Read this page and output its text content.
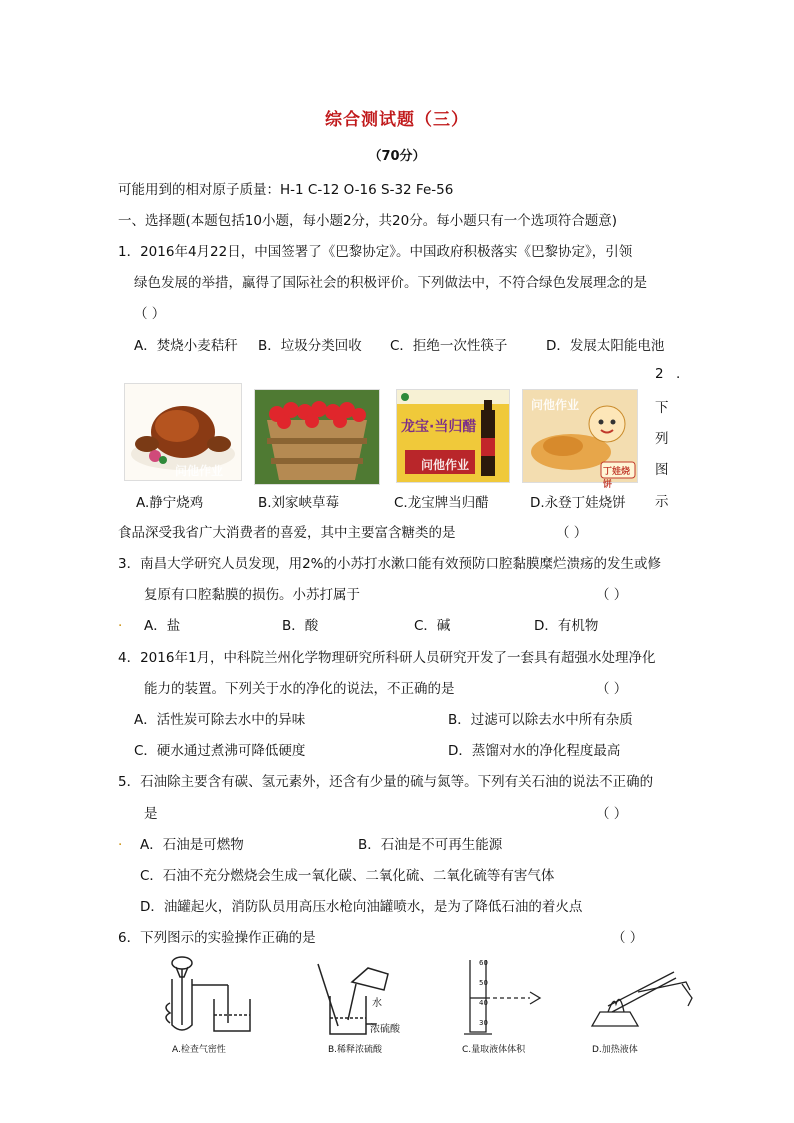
综合测试题（三）
（70分）
可能用到的相对原子质量：H-1 C-12 O-16 S-32 Fe-56
一、选择题(本题包括10小题，每小题2分，共20分。每小题只有一个选项符合题意)
1．2016年4月22日，中国签署了《巴黎协定》。中国政府积极落实《巴黎协定》，引领
绿色发展的举措，赢得了国际社会的积极评价。下列做法中，不符合绿色发展理念的是
（ ）
A．焚烧小麦秸秆 B．垃圾分类回收 C．拒绝一次性筷子	D．发展太阳能电池
问他作业
龙宝·当归醋
问他作业
问他作业
丁娃烧饼
2 .
下
列
图
示
A.静宁烧鸡	B.刘家峡草莓	C.龙宝牌当归醋	D.永登丁娃烧饼
食品深受我省广大消费者的喜爱，其中主要富含糖类的是	（ ）
3．南昌大学研究人员发现，用2%的小苏打水漱口能有效预防口腔黏膜糜烂溃疡的发生或修
复原有口腔黏膜的损伤。小苏打属于	（ ）
. A．盐	B．酸	C．碱	D．有机物
4．2016年1月，中科院兰州化学物理研究所科研人员研究开发了一套具有超强水处理净化
能力的装置。下列关于水的净化的说法，不正确的是	（ ）
A．活性炭可除去水中的异味	B．过滤可以除去水中所有杂质
C．硬水通过煮沸可降低硬度	D．蒸馏对水的净化程度最高
5．石油除主要含有碳、氢元素外，还含有少量的硫与氮等。下列有关石油的说法不正确的
是	（ ）
. A．石油是可燃物	B．石油是不可再生能源
C．石油不充分燃烧会生成一氧化碳、二氧化硫、二氧化硫等有害气体
D．油罐起火，消防队员用高压水枪向油罐喷水，是为了降低石油的着火点
6．下列图示的实验操作正确的是	（ ）
A.检查气密性
水
浓硫酸
B.稀释浓硫酸
60
50
40
30
C.量取液体体积	D.加热液体
